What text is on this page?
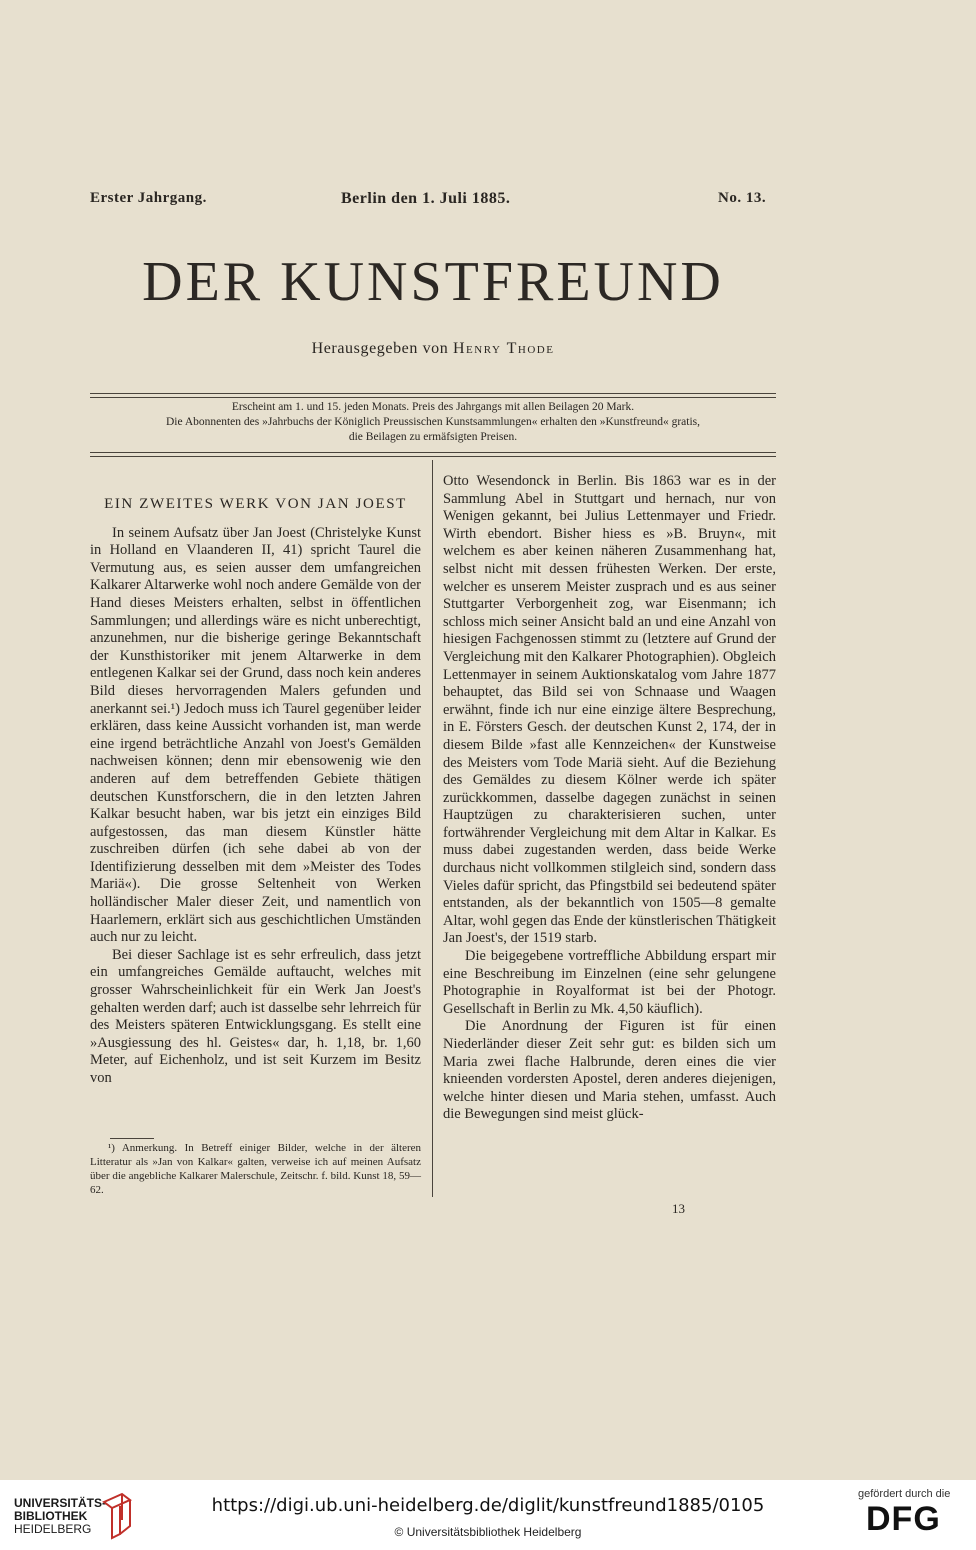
Erster Jahrgang.	Berlin den 1. Juli 1885.	No. 13.
DER KUNSTFREUND
Herausgegeben von Henry Thode
Erscheint am 1. und 15. jeden Monats. Preis des Jahrgangs mit allen Beilagen 20 Mark.
Die Abonnenten des »Jahrbuchs der Königlich Preussischen Kunstsammlungen« erhalten den »Kunstfreund« gratis,
die Beilagen zu ermäfsigten Preisen.
EIN ZWEITES WERK VON JAN JOEST

In seinem Aufsatz über Jan Joest (Christelyke Kunst in Holland en Vlaanderen II, 41) spricht Taurel die Vermutung aus, es seien ausser dem umfangreichen Kalkarer Altarwerke wohl noch andere Gemälde von der Hand dieses Meisters erhalten, selbst in öffentlichen Sammlungen; und allerdings wäre es nicht unberechtigt, anzunehmen, nur die bisherige geringe Bekanntschaft der Kunsthistoriker mit jenem Altarwerke in dem entlegenen Kalkar sei der Grund, dass noch kein anderes Bild dieses hervorragenden Malers gefunden und anerkannt sei.¹) Jedoch muss ich Taurel gegenüber leider erklären, dass keine Aussicht vorhanden ist, man werde eine irgend beträchtliche Anzahl von Joest's Gemälden nachweisen können; denn mir ebensowenig wie den anderen auf dem betreffenden Gebiete thätigen deutschen Kunstforschern, die in den letzten Jahren Kalkar besucht haben, war bis jetzt ein einziges Bild aufgestossen, das man diesem Künstler hätte zuschreiben dürfen (ich sehe dabei ab von der Identifizierung desselben mit dem »Meister des Todes Mariä«). Die grosse Seltenheit von Werken holländischer Maler dieser Zeit, und namentlich von Haarlemern, erklärt sich aus geschichtlichen Umständen auch nur zu leicht.

Bei dieser Sachlage ist es sehr erfreulich, dass jetzt ein umfangreiches Gemälde auftaucht, welches mit grosser Wahrscheinlichkeit für ein Werk Jan Joest's gehalten werden darf; auch ist dasselbe sehr lehrreich für des Meisters späteren Entwicklungsgang. Es stellt eine »Ausgiessung des hl. Geistes« dar, h. 1,18, br. 1,60 Meter, auf Eichenholz, und ist seit Kurzem im Besitz von

¹) Anmerkung. In Betreff einiger Bilder, welche in der älteren Litteratur als »Jan von Kalkar« galten, verweise ich auf meinen Aufsatz über die angebliche Kalkarer Malerschule, Zeitschr. f. bild. Kunst 18, 59—62.

Otto Wesendonck in Berlin. Bis 1863 war es in der Sammlung Abel in Stuttgart und hernach, nur von Wenigen gekannt, bei Julius Lettenmayer und Friedr. Wirth ebendort. Bisher hiess es »B. Bruyn«, mit welchem es aber keinen näheren Zusammenhang hat, selbst nicht mit dessen frühesten Werken. Der erste, welcher es unserem Meister zusprach und es aus seiner Stuttgarter Verborgenheit zog, war Eisenmann; ich schloss mich seiner Ansicht bald an und eine Anzahl von hiesigen Fachgenossen stimmt zu (letztere auf Grund der Vergleichung mit den Kalkarer Photographien). Obgleich Lettenmayer in seinem Auktionskatalog vom Jahre 1877 behauptet, das Bild sei von Schnaase und Waagen erwähnt, finde ich nur eine einzige ältere Besprechung, in E. Försters Gesch. der deutschen Kunst 2, 174, der in diesem Bilde »fast alle Kennzeichen« der Kunstweise des Meisters vom Tode Mariä sieht. Auf die Beziehung des Gemäldes zu diesem Kölner werde ich später zurückkommen, dasselbe dagegen zunächst in seinen Hauptzügen zu charakterisieren suchen, unter fortwährender Vergleichung mit dem Altar in Kalkar. Es muss dabei zugestanden werden, dass beide Werke durchaus nicht vollkommen stilgleich sind, sondern dass Vieles dafür spricht, das Pfingstbild sei bedeutend später entstanden, als der bekanntlich von 1505—8 gemalte Altar, wohl gegen das Ende der künstlerischen Thätigkeit Jan Joest's, der 1519 starb.

Die beigegebene vortreffliche Abbildung erspart mir eine Beschreibung im Einzelnen (eine sehr gelungene Photographie in Royalformat ist bei der Photogr. Gesellschaft in Berlin zu Mk. 4,50 käuflich).

Die Anordnung der Figuren ist für einen Niederländer dieser Zeit sehr gut: es bilden sich um Maria zwei flache Halbrunde, deren eines die vier knieenden vordersten Apostel, deren anderes diejenigen, welche hinter diesen und Maria stehen, umfasst. Auch die Bewegungen sind meist glück-

13
UNIVERSITÄTS-
BIBLIOTHEK
HEIDELBERG
https://digi.ub.uni-heidelberg.de/diglit/kunstfreund1885/0105
© Universitätsbibliothek Heidelberg
gefördert durch die
DFG
